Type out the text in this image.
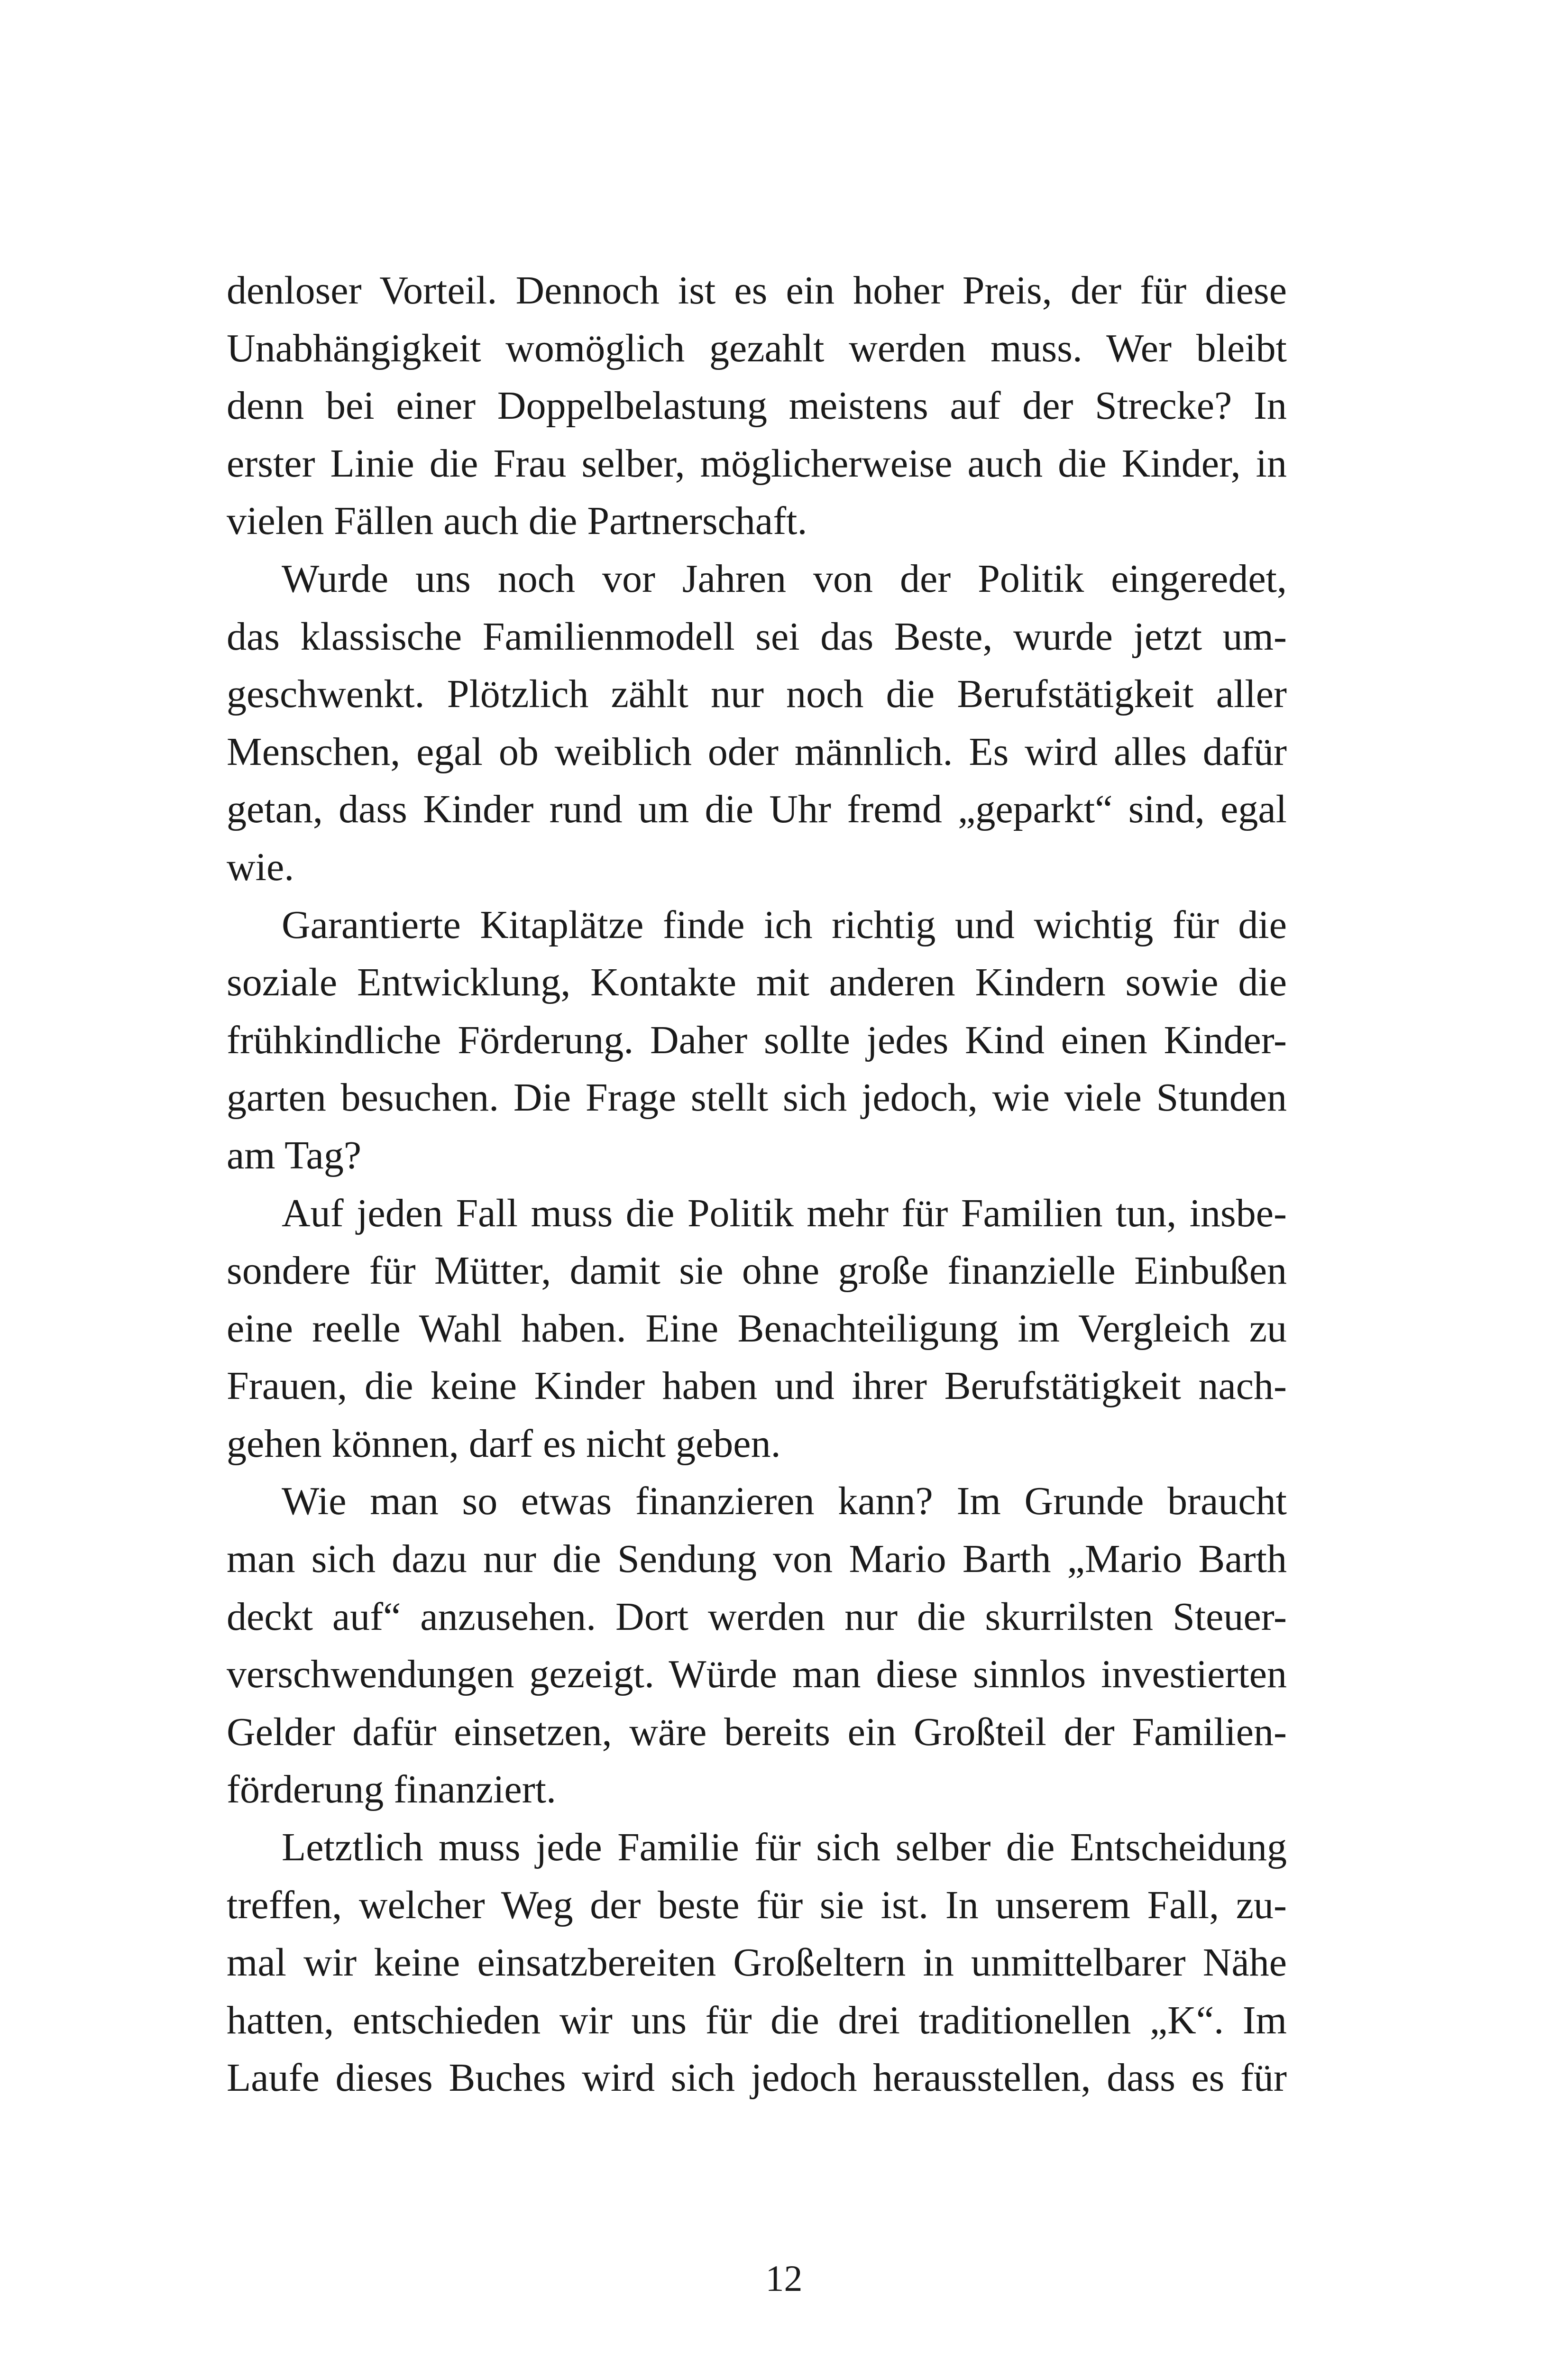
denloser Vorteil. Dennoch ist es ein hoher Preis, der für diese
Unabhängigkeit womöglich gezahlt werden muss. Wer bleibt
denn bei einer Doppelbelastung meistens auf der Strecke? In
erster Linie die Frau selber, möglicherweise auch die Kinder, in
vielen Fällen auch die Partnerschaft.
Wurde uns noch vor Jahren von der Politik eingeredet,
das klassische Familienmodell sei das Beste, wurde jetzt um-
geschwenkt. Plötzlich zählt nur noch die Berufstätigkeit aller
Menschen, egal ob weiblich oder männlich. Es wird alles dafür
getan, dass Kinder rund um die Uhr fremd „geparkt“ sind, egal
wie.
Garantierte Kitaplätze finde ich richtig und wichtig für die
soziale Entwicklung, Kontakte mit anderen Kindern sowie die
frühkindliche Förderung. Daher sollte jedes Kind einen Kinder-
garten besuchen. Die Frage stellt sich jedoch, wie viele Stunden
am Tag?
Auf jeden Fall muss die Politik mehr für Familien tun, insbe-
sondere für Mütter, damit sie ohne große finanzielle Einbußen
eine reelle Wahl haben. Eine Benachteiligung im Vergleich zu
Frauen, die keine Kinder haben und ihrer Berufstätigkeit nach-
gehen können, darf es nicht geben.
Wie man so etwas finanzieren kann? Im Grunde braucht
man sich dazu nur die Sendung von Mario Barth „Mario Barth
deckt auf“ anzusehen. Dort werden nur die skurrilsten Steuer-
verschwendungen gezeigt. Würde man diese sinnlos investierten
Gelder dafür einsetzen, wäre bereits ein Großteil der Familien-
förderung finanziert.
Letztlich muss jede Familie für sich selber die Entscheidung
treffen, welcher Weg der beste für sie ist. In unserem Fall, zu-
mal wir keine einsatzbereiten Großeltern in unmittelbarer Nähe
hatten, entschieden wir uns für die drei traditionellen „K“. Im
Laufe dieses Buches wird sich jedoch herausstellen, dass es für
12
